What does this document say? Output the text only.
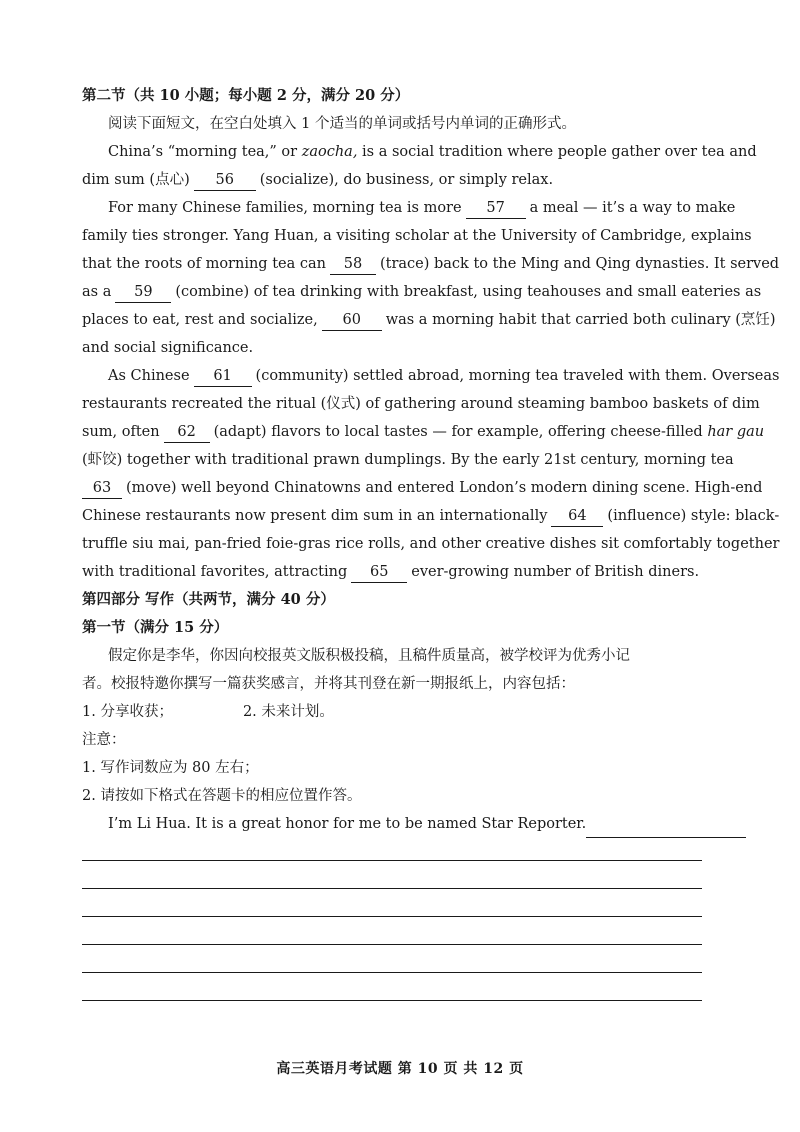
第二节（共 10 小题；每小题 2 分，满分 20 分）
阅读下面短文，在空白处填入 1 个适当的单词或括号内单词的正确形式。
China’s “morning tea,” or zaocha, is a social tradition where people gather over tea and
dim sum (点心) 56 (socialize), do business, or simply relax.
For many Chinese families, morning tea is more 57 a meal — it’s a way to make
family ties stronger. Yang Huan, a visiting scholar at the University of Cambridge, explains
that the roots of morning tea can 58 (trace) back to the Ming and Qing dynasties. It served
as a 59 (combine) of tea drinking with breakfast, using teahouses and small eateries as
places to eat, rest and socialize, 60 was a morning habit that carried both culinary (烹饪)
and social significance.
As Chinese 61 (community) settled abroad, morning tea traveled with them. Overseas
restaurants recreated the ritual (仪式) of gathering around steaming bamboo baskets of dim
sum, often 62 (adapt) flavors to local tastes — for example, offering cheese-filled har gau
(虾饺) together with traditional prawn dumplings. By the early 21st century, morning tea
63 (move) well beyond Chinatowns and entered London’s modern dining scene. High-end
Chinese restaurants now present dim sum in an internationally 64 (influence) style: black-
truffle siu mai, pan-fried foie-gras rice rolls, and other creative dishes sit comfortably together
with traditional favorites, attracting 65 ever-growing number of British diners.
第四部分 写作（共两节，满分 40 分）
第一节（满分 15 分）
假定你是李华，你因向校报英文版积极投稿，且稿件质量高，被学校评为优秀小记
者。校报特邀你撰写一篇获奖感言，并将其刊登在新一期报纸上，内容包括：
1. 分享收获；	2. 未来计划。
注意：
1. 写作词数应为 80 左右；
2. 请按如下格式在答题卡的相应位置作答。
I’m Li Hua. It is a great honor for me to be named Star Reporter.
高三英语月考试题 第 10 页 共 12 页
